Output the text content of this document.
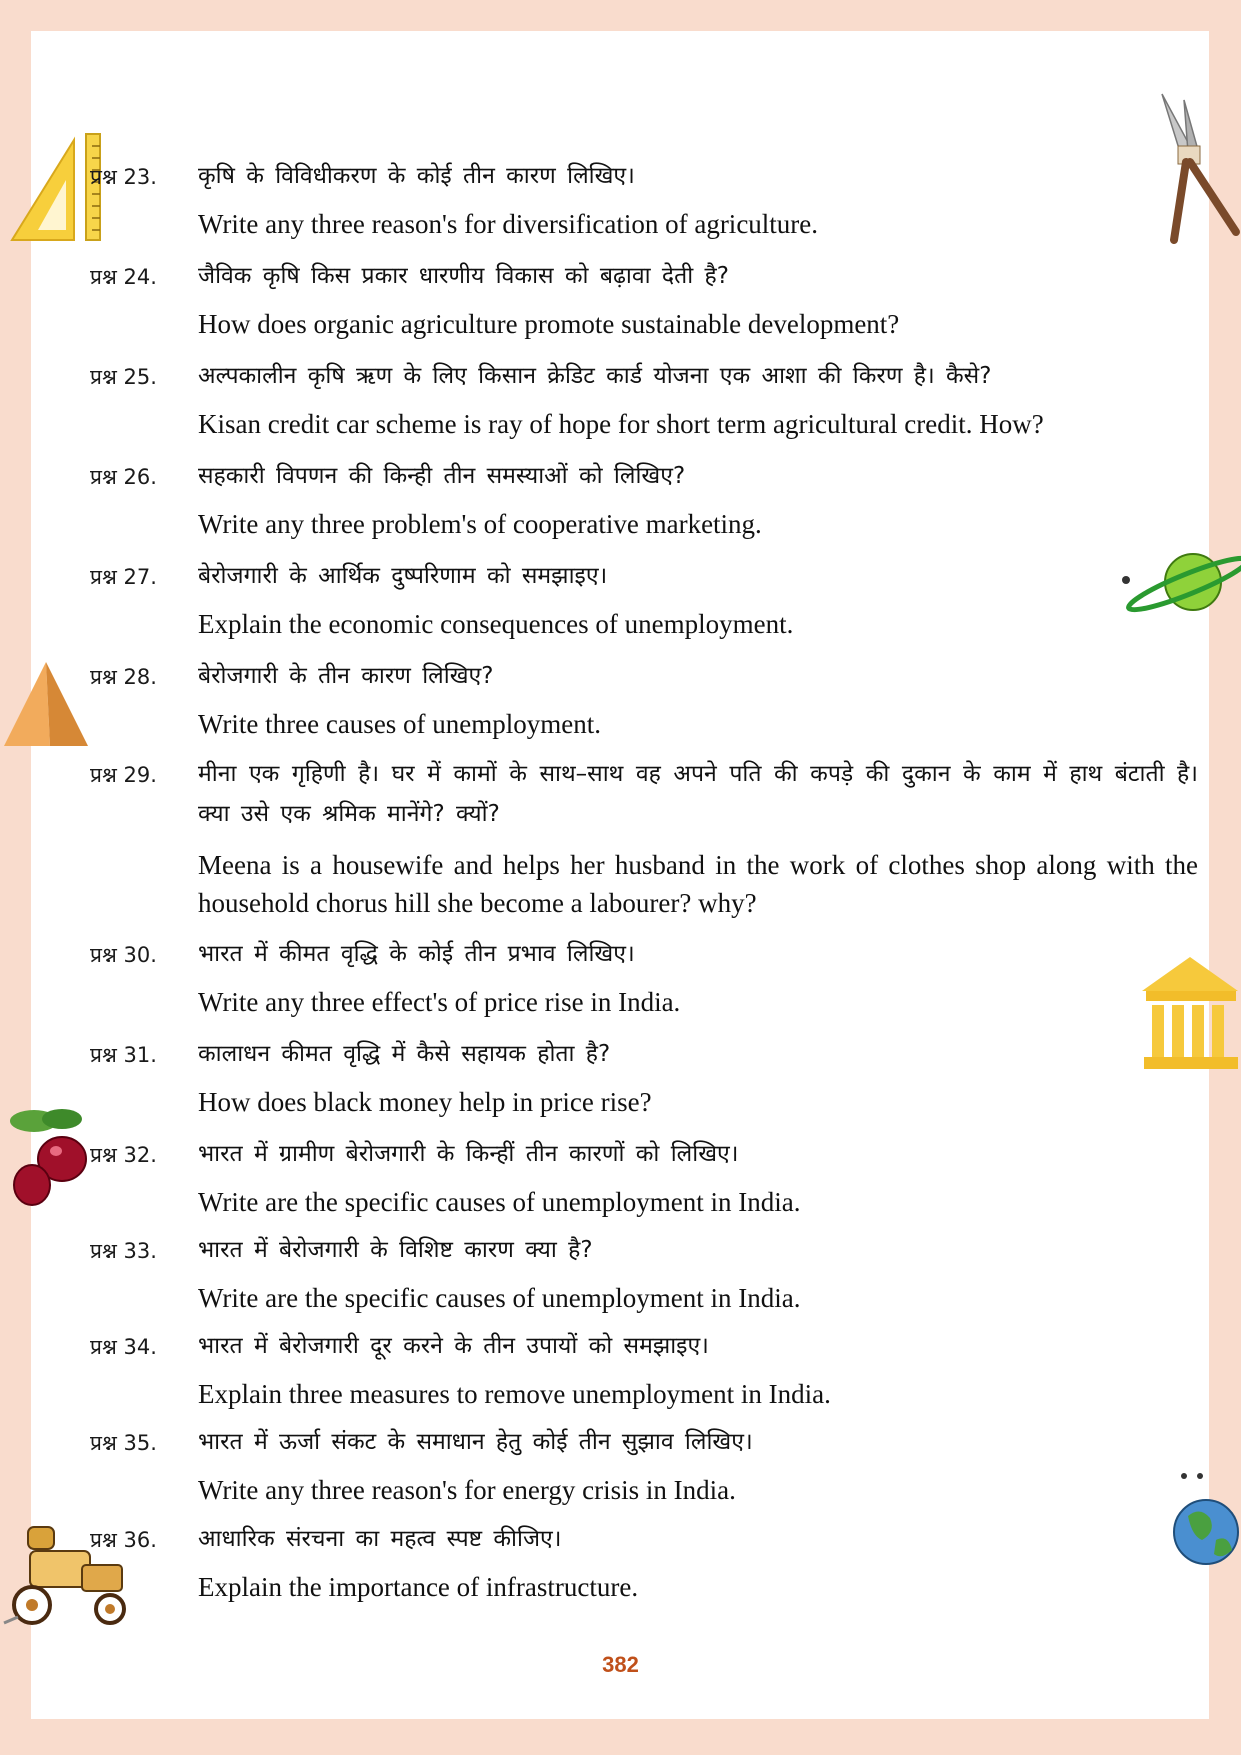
प्रश्न 23. कृषि के विविधीकरण के कोई तीन कारण लिखिए।
Write any three reason's for diversification of agriculture.
प्रश्न 24. जैविक कृषि किस प्रकार धारणीय विकास को बढ़ावा देती है?
How does organic agriculture promote sustainable development?
प्रश्न 25. अल्पकालीन कृषि ऋण के लिए किसान क्रेडिट कार्ड योजना एक आशा की किरण है। कैसे?
Kisan credit car scheme is ray of hope for short term agricultural credit. How?
प्रश्न 26. सहकारी विपणन की किन्ही तीन समस्याओं को लिखिए?
Write any three problem's of cooperative marketing.
प्रश्न 27. बेरोजगारी के आर्थिक दुष्परिणाम को समझाइए।
Explain the economic consequences of unemployment.
प्रश्न 28. बेरोजगारी के तीन कारण लिखिए?
Write three causes of unemployment.
प्रश्न 29. मीना एक गृहिणी है। घर में कामों के साथ–साथ वह अपने पति की कपड़े की दुकान के काम में हाथ बंटाती है। क्या उसे एक श्रमिक मानेंगे? क्यों?
Meena is a housewife and helps her husband in the work of clothes shop along with the household chorus hill she become a labourer? why?
प्रश्न 30. भारत में कीमत वृद्धि के कोई तीन प्रभाव लिखिए।
Write any three effect's of price rise in India.
प्रश्न 31. कालाधन कीमत वृद्धि में कैसे सहायक होता है?
How does black money help in price rise?
प्रश्न 32. भारत में ग्रामीण बेरोजगारी के किन्हीं तीन कारणों को लिखिए।
Write are the specific causes of unemployment in India.
प्रश्न 33. भारत में बेरोजगारी के विशिष्ट कारण क्या है?
Write are the specific causes of unemployment in India.
प्रश्न 34. भारत में बेरोजगारी दूर करने के तीन उपायों को समझाइए।
Explain three measures to remove unemployment in India.
प्रश्न 35. भारत में ऊर्जा संकट के समाधान हेतु कोई तीन सुझाव लिखिए।
Write any three reason's for energy crisis in India.
प्रश्न 36. आधारिक संरचना का महत्व स्पष्ट कीजिए।
Explain the importance of infrastructure.
382
